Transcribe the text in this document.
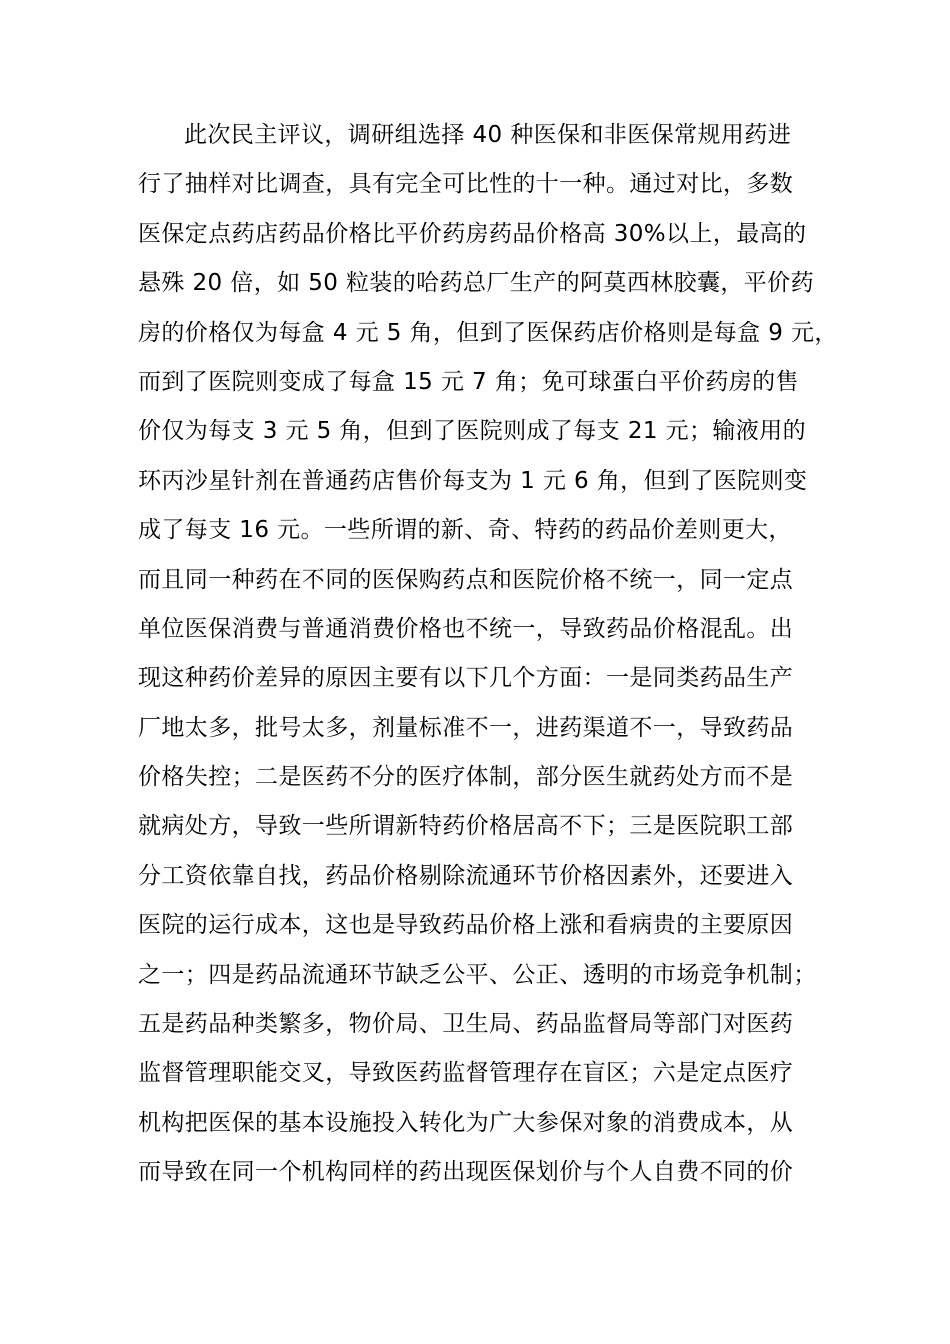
此次民主评议，调研组选择 40 种医保和非医保常规用药进
行了抽样对比调查，具有完全可比性的十一种。通过对比，多数
医保定点药店药品价格比平价药房药品价格高 30%以上，最高的
悬殊 20 倍，如 50 粒装的哈药总厂生产的阿莫西林胶囊，平价药
房的价格仅为每盒 4 元 5 角，但到了医保药店价格则是每盒 9 元，
而到了医院则变成了每盒 15 元 7 角；免可球蛋白平价药房的售
价仅为每支 3 元 5 角，但到了医院则成了每支 21 元；输液用的
环丙沙星针剂在普通药店售价每支为 1 元 6 角，但到了医院则变
成了每支 16 元。一些所谓的新、奇、特药的药品价差则更大，
而且同一种药在不同的医保购药点和医院价格不统一，同一定点
单位医保消费与普通消费价格也不统一，导致药品价格混乱。出
现这种药价差异的原因主要有以下几个方面：一是同类药品生产
厂地太多，批号太多，剂量标准不一，进药渠道不一，导致药品
价格失控；二是医药不分的医疗体制，部分医生就药处方而不是
就病处方，导致一些所谓新特药价格居高不下；三是医院职工部
分工资依靠自找，药品价格剔除流通环节价格因素外，还要进入
医院的运行成本，这也是导致药品价格上涨和看病贵的主要原因
之一；四是药品流通环节缺乏公平、公正、透明的市场竞争机制；
五是药品种类繁多，物价局、卫生局、药品监督局等部门对医药
监督管理职能交叉，导致医药监督管理存在盲区；六是定点医疗
机构把医保的基本设施投入转化为广大参保对象的消费成本，从
而导致在同一个机构同样的药出现医保划价与个人自费不同的价
